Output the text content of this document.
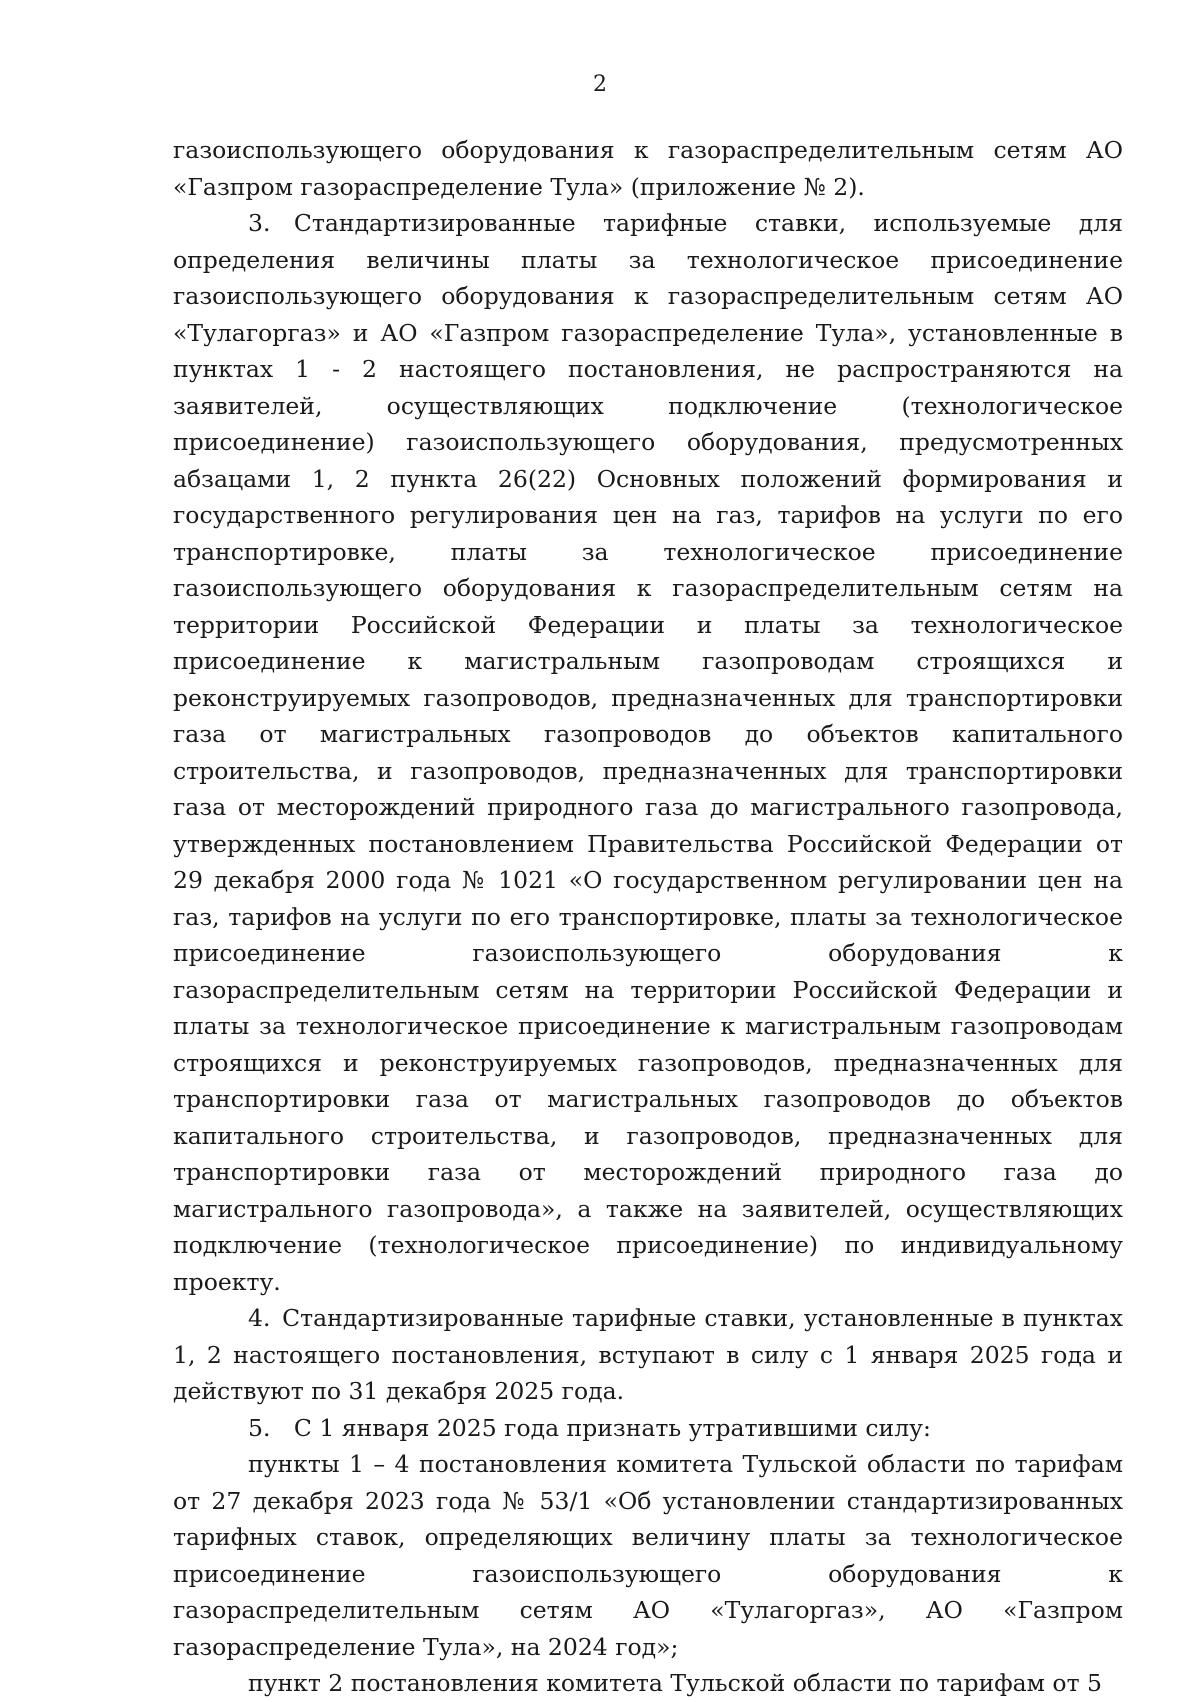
2

газоиспользующего оборудования к газораспределительным сетям АО «Газпром газораспределение Тула» (приложение № 2).

3. Стандартизированные тарифные ставки, используемые для определения величины платы за технологическое присоединение газоиспользующего оборудования к газораспределительным сетям АО «Тулагоргаз» и АО «Газпром газораспределение Тула», установленные в пунктах 1 - 2 настоящего постановления, не распространяются на заявителей, осуществляющих подключение (технологическое присоединение) газоиспользующего оборудования, предусмотренных абзацами 1, 2 пункта 26(22) Основных положений формирования и государственного регулирования цен на газ, тарифов на услуги по его транспортировке, платы за технологическое присоединение газоиспользующего оборудования к газораспределительным сетям на территории Российской Федерации и платы за технологическое присоединение к магистральным газопроводам строящихся и реконструируемых газопроводов, предназначенных для транспортировки газа от магистральных газопроводов до объектов капитального строительства, и газопроводов, предназначенных для транспортировки газа от месторождений природного газа до магистрального газопровода, утвержденных постановлением Правительства Российской Федерации от 29 декабря 2000 года № 1021 «О государственном регулировании цен на газ, тарифов на услуги по его транспортировке, платы за технологическое присоединение газоиспользующего оборудования к газораспределительным сетям на территории Российской Федерации и платы за технологическое присоединение к магистральным газопроводам строящихся и реконструируемых газопроводов, предназначенных для транспортировки газа от магистральных газопроводов до объектов капитального строительства, и газопроводов, предназначенных для транспортировки газа от месторождений природного газа до магистрального газопровода», а также на заявителей, осуществляющих подключение (технологическое присоединение) по индивидуальному проекту.

4. Стандартизированные тарифные ставки, установленные в пунктах 1, 2 настоящего постановления, вступают в силу с 1 января 2025 года и действуют по 31 декабря 2025 года.

5. С 1 января 2025 года признать утратившими силу:

пункты 1 – 4 постановления комитета Тульской области по тарифам от 27 декабря 2023 года № 53/1 «Об установлении стандартизированных тарифных ставок, определяющих величину платы за технологическое присоединение газоиспользующего оборудования к газораспределительным сетям АО «Тулагоргаз», АО «Газпром газораспределение Тула», на 2024 год»;

пункт 2 постановления комитета Тульской области по тарифам от 5
